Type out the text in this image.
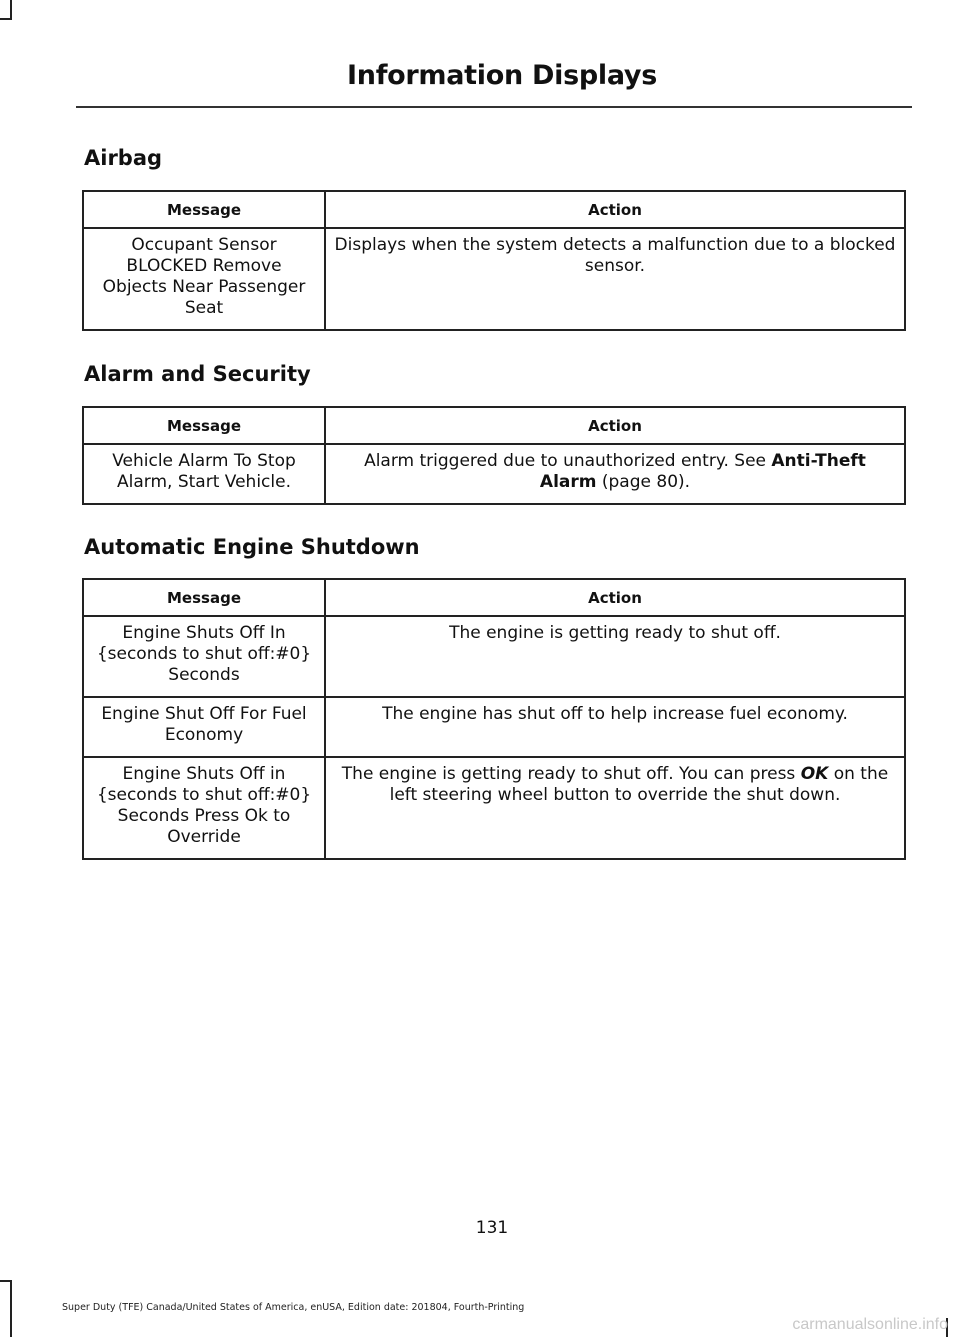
Information Displays
Airbag
Message	Action
Occupant Sensor BLOCKED Remove Objects Near Passenger Seat	Displays when the system detects a malfunction due to a blocked sensor.
Alarm and Security
Message	Action
Vehicle Alarm To Stop Alarm, Start Vehicle.	Alarm triggered due to unauthorized entry. See Anti-Theft Alarm (page 80).
Automatic Engine Shutdown
Message	Action
Engine Shuts Off In {seconds to shut off:#0} Seconds	The engine is getting ready to shut off.
Engine Shut Off For Fuel Economy	The engine has shut off to help increase fuel economy.
Engine Shuts Off in {seconds to shut off:#0} Seconds Press Ok to Override	The engine is getting ready to shut off. You can press OK on the left steering wheel button to override the shut down.
131
Super Duty (TFE) Canada/United States of America, enUSA, Edition date: 201804, Fourth-Printing
carmanualsonline.info
